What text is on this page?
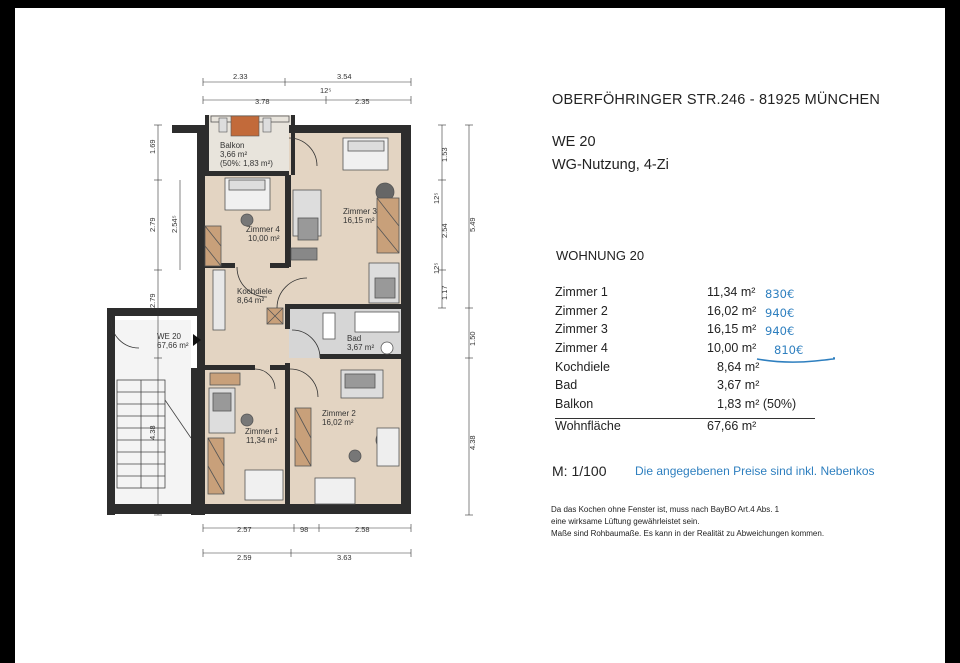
Balkon
3,66 m²
(50%: 1,83 m²)
Zimmer 4
10,00 m²
Zimmer 3
16,15 m²
Kochdiele
8,64 m²
Bad
3,67 m²
WE 20
67,66 m²
Zimmer 1
11,34 m²
Zimmer 2
16,02 m²
2.33	3.54
3.78	2.35
12⁵
2.57	98	2.58
2.59	3.63
1.69
2.79
2.79
4.38
2.54⁵
1.53
2.54
1.17
5.49
1.50
4.38
12⁵
12⁵
OBERFÖHRINGER STR.246 - 81925 MÜNCHEN
WE 20
WG-Nutzung, 4-Zi
WOHNUNG 20
Zimmer 1	11,34 m² 830€
Zimmer 2	16,02 m² 940€
Zimmer 3	16,15 m² 940€
Zimmer 4	10,00 m² 810€
Kochdiele	8,64 m²
Bad	3,67 m²
Balkon	1,83 m² (50%)
Wohnfläche	67,66 m²
M: 1/100 Die angegebenen Preise sind inkl. Nebenkos
Da das Kochen ohne Fenster ist, muss nach BayBO Art.4 Abs. 1
eine wirksame Lüftung gewährleistet sein.
Maße sind Rohbaumaße. Es kann in der Realität zu Abweichungen kommen.
